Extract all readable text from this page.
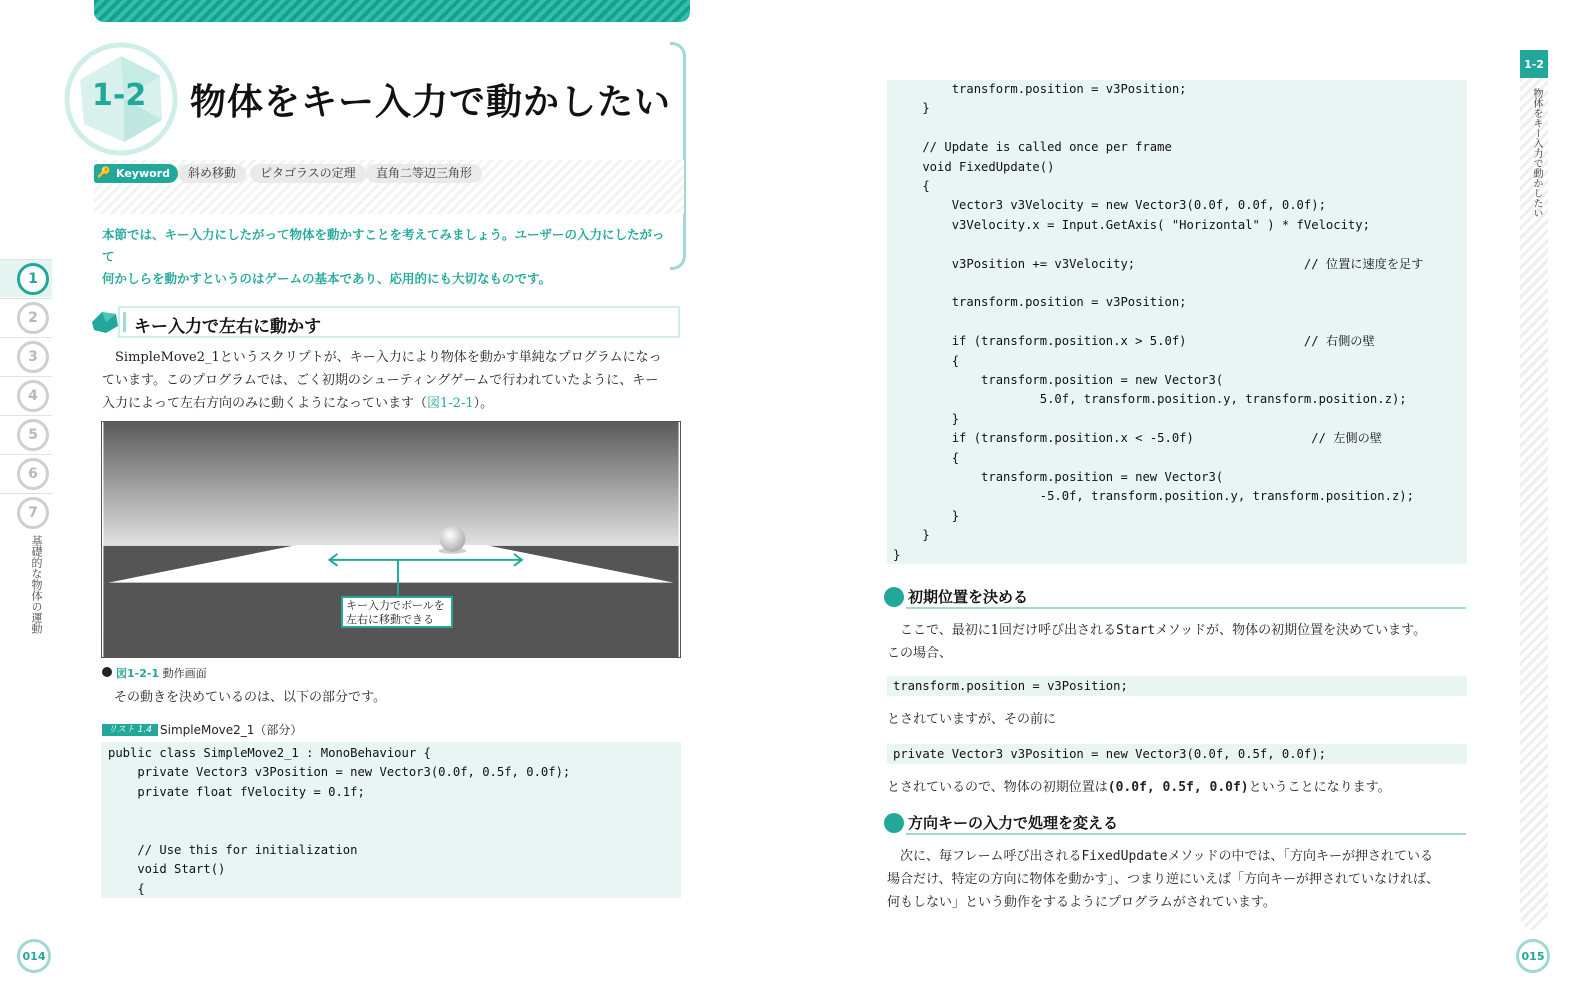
1
2
3
4
5
6
7
基礎的な物体の運動
1-2 物体をキー入力で動かしたい
Keyword
🔑	斜め移動	ピタゴラスの定理	直角二等辺三角形
本節では、キー入力にしたがって物体を動かすことを考えてみましょう。ユーザーの入力にしたがって
何かしらを動かすというのはゲームの基本であり、応用的にも大切なものです。
キー入力で左右に動かす
SimpleMove2_1というスクリプトが、キー入力により物体を動かす単純なプログラムになっ
ています。このプログラムでは、ごく初期のシューティングゲームで行われていたように、キー
入力によって左右方向のみに動くようになっています（図1-2-1）。
キー入力でボールを
左右に移動できる
図1-2-1 動作画面
その動きを決めているのは、以下の部分です。
リスト 1.4 SimpleMove2_1（部分）
public class SimpleMove2_1 : MonoBehaviour {
private Vector3 v3Position = new Vector3(0.0f, 0.5f, 0.0f);
private float fVelocity = 0.1f;
// Use this for initialization
void Start()
{
transform.position = v3Position;
}
// Update is called once per frame
void FixedUpdate()
{
Vector3 v3Velocity = new Vector3(0.0f, 0.0f, 0.0f);
v3Velocity.x = Input.GetAxis( "Horizontal" ) * fVelocity;
v3Position += v3Velocity;                       // 位置に速度を足す
transform.position = v3Position;
if (transform.position.x > 5.0f)                // 右側の壁
{
transform.position = new Vector3(
5.0f, transform.position.y, transform.position.z);
}
if (transform.position.x < -5.0f)                // 左側の壁
{
transform.position = new Vector3(
-5.0f, transform.position.y, transform.position.z);
}
}
}
初期位置を決める
ここで、最初に1回だけ呼び出されるStartメソッドが、物体の初期位置を決めています。
この場合、
transform.position = v3Position;
とされていますが、その前に
private Vector3 v3Position = new Vector3(0.0f, 0.5f, 0.0f);
とされているので、物体の初期位置は(0.0f, 0.5f, 0.0f)ということになります。
方向キーの入力で処理を変える
次に、毎フレーム呼び出されるFixedUpdateメソッドの中では、「方向キーが押されている
場合だけ、特定の方向に物体を動かす」、つまり逆にいえば「方向キーが押されていなければ、
何もしない」という動作をするようにプログラムがされています。
1-2
物体をキー入力で動かしたい
014	015
